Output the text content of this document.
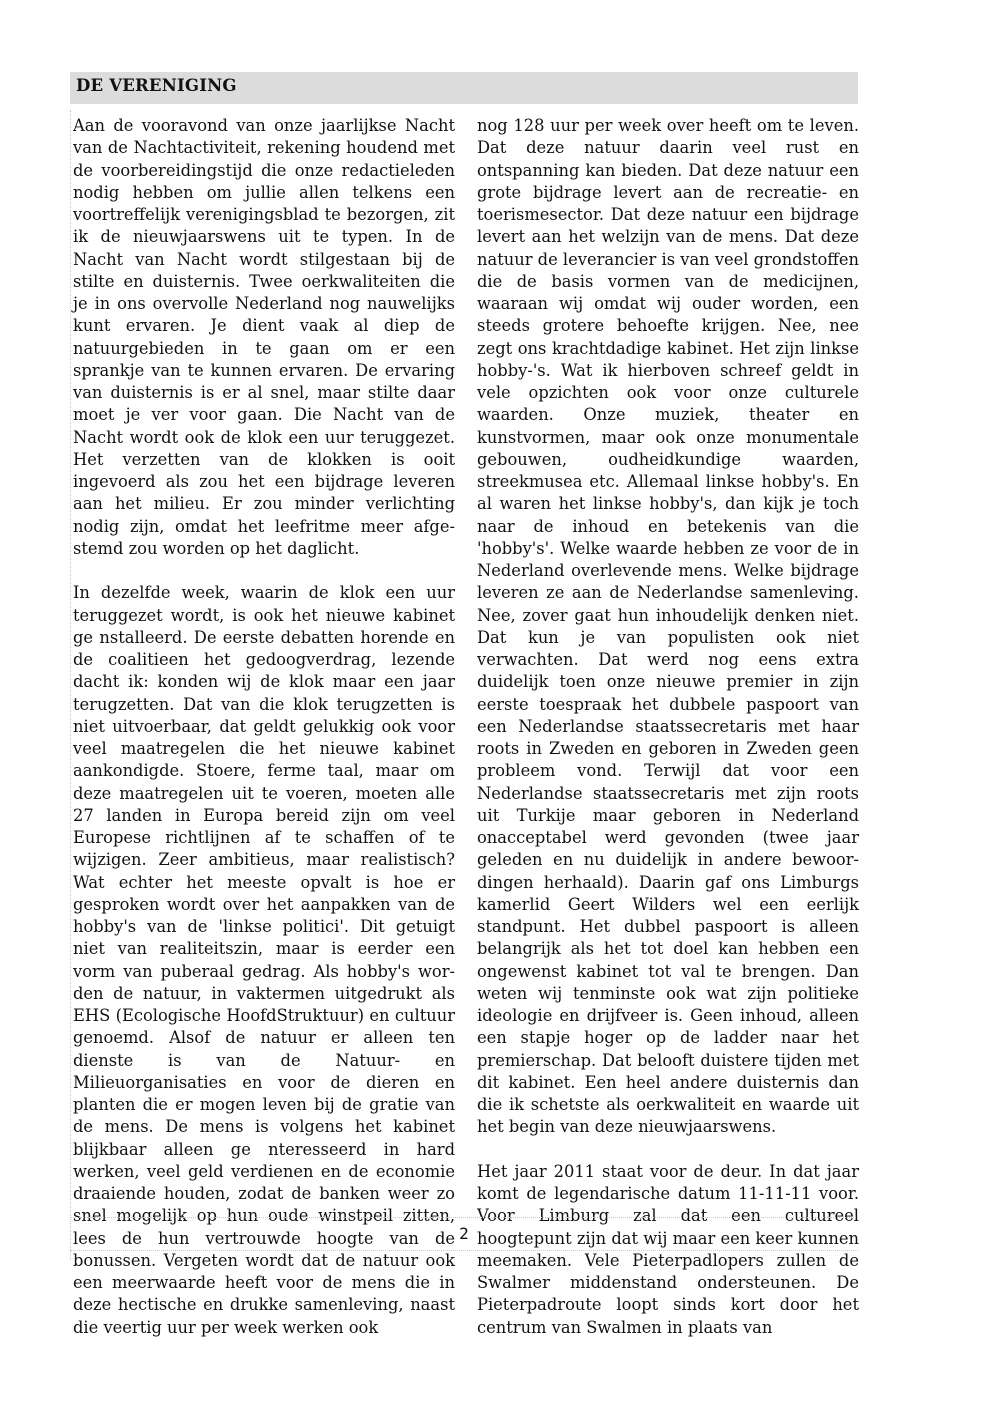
DE VERENIGING

Aan de vooravond van onze jaarlijkse Nacht van de Nachtactiviteit, rekening houdend met de voorbereidingstijd die onze redactieleden nodig hebben om jullie allen telkens een voortreffelijk verenigingsblad te bezorgen, zit ik de nieuwjaarswens uit te typen. In de Nacht van Nacht wordt stilgestaan bij de stilte en duisternis. Twee oerkwaliteiten die je in ons overvolle Nederland nog nauwelijks kunt ervaren. Je dient vaak al diep de natuurgebieden in te gaan om er een sprankje van te kunnen ervaren. De ervaring van duisternis is er al snel, maar stilte daar moet je ver voor gaan. Die Nacht van de Nacht wordt ook de klok een uur teruggezet. Het verzetten van de klokken is ooit ingevoerd als zou het een bijdrage leveren aan het milieu. Er zou minder verlichting nodig zijn, omdat het leefritme meer afgestemd zou worden op het daglicht.

In dezelfde week, waarin de klok een uur teruggezet wordt, is ook het nieuwe kabinet ge nstalleerd. De eerste debatten horende en de coalitieen het gedoogverdrag, lezende dacht ik: konden wij de klok maar een jaar terugzetten. Dat van die klok terugzetten is niet uitvoerbaar, dat geldt gelukkig ook voor veel maatregelen die het nieuwe kabinet aankondigde. Stoere, ferme taal, maar om deze maatregelen uit te voeren, moeten alle 27 landen in Europa bereid zijn om veel Europese richtlijnen af te schaffen of te wijzigen. Zeer ambitieus, maar realistisch? Wat echter het meeste opvalt is hoe er gesproken wordt over het aanpakken van de hobby's van de 'linkse politici'. Dit getuigt niet van realiteitszin, maar is eerder een vorm van puberaal gedrag. Als hobby's worden de natuur, in vaktermen uitgedrukt als EHS (Ecologische HoofdStruktuur) en cultuur genoemd. Alsof de natuur er alleen ten dienste is van de Natuur- en Milieuorganisaties en voor de dieren en planten die er mogen leven bij de gratie van de mens. De mens is volgens het kabinet blijkbaar alleen ge nteresseerd in hard werken, veel geld verdienen en de economie draaiende houden, zodat de banken weer zo snel mogelijk op hun oude winstpeil zitten, lees de hun vertrouwde hoogte van de bonussen. Vergeten wordt dat de natuur ook een meerwaarde heeft voor de mens die in deze hectische en drukke samenleving, naast die veertig uur per week werken ook

nog 128 uur per week over heeft om te leven. Dat deze natuur daarin veel rust en ontspanning kan bieden. Dat deze natuur een grote bijdrage levert aan de recreatie- en toerismesector. Dat deze natuur een bijdrage levert aan het welzijn van de mens. Dat deze natuur de leverancier is van veel grondstoffen die de basis vormen van de medicijnen, waaraan wij omdat wij ouder worden, een steeds grotere behoefte krijgen. Nee, nee zegt ons krachtdadige kabinet. Het zijn linkse hobby-'s. Wat ik hierboven schreef geldt in vele opzichten ook voor onze culturele waarden. Onze muziek, theater en kunstvormen, maar ook onze monumentale gebouwen, oudheidkundige waarden, streekmusea etc. Allemaal linkse hobby's. En al waren het linkse hobby's, dan kijk je toch naar de inhoud en betekenis van die 'hobby's'. Welke waarde hebben ze voor de in Nederland overlevende mens. Welke bijdrage leveren ze aan de Nederlandse samenleving. Nee, zover gaat hun inhoudelijk denken niet. Dat kun je van populisten ook niet verwachten. Dat werd nog eens extra duidelijk toen onze nieuwe premier in zijn eerste toespraak het dubbele paspoort van een Nederlandse staatssecretaris met haar roots in Zweden en geboren in Zweden geen probleem vond. Terwijl dat voor een Nederlandse staatssecretaris met zijn roots uit Turkije maar geboren in Nederland onacceptabel werd gevonden (twee jaar geleden en nu duidelijk in andere bewoordingen herhaald). Daarin gaf ons Limburgs kamerlid Geert Wilders wel een eerlijk standpunt. Het dubbel paspoort is alleen belangrijk als het tot doel kan hebben een ongewenst kabinet tot val te brengen. Dan weten wij tenminste ook wat zijn politieke ideologie en drijfveer is. Geen inhoud, alleen een stapje hoger op de ladder naar het premierschap. Dat belooft duistere tijden met dit kabinet. Een heel andere duisternis dan die ik schetste als oerkwaliteit en waarde uit het begin van deze nieuwjaarswens.

Het jaar 2011 staat voor de deur. In dat jaar komt de legendarische datum 11-11-11 voor. Voor Limburg zal dat een cultureel hoogtepunt zijn dat wij maar een keer kunnen meemaken. Vele Pieterpadlopers zullen de Swalmer middenstand ondersteunen. De Pieterpadroute loopt sinds kort door het centrum van Swalmen in plaats van

2
